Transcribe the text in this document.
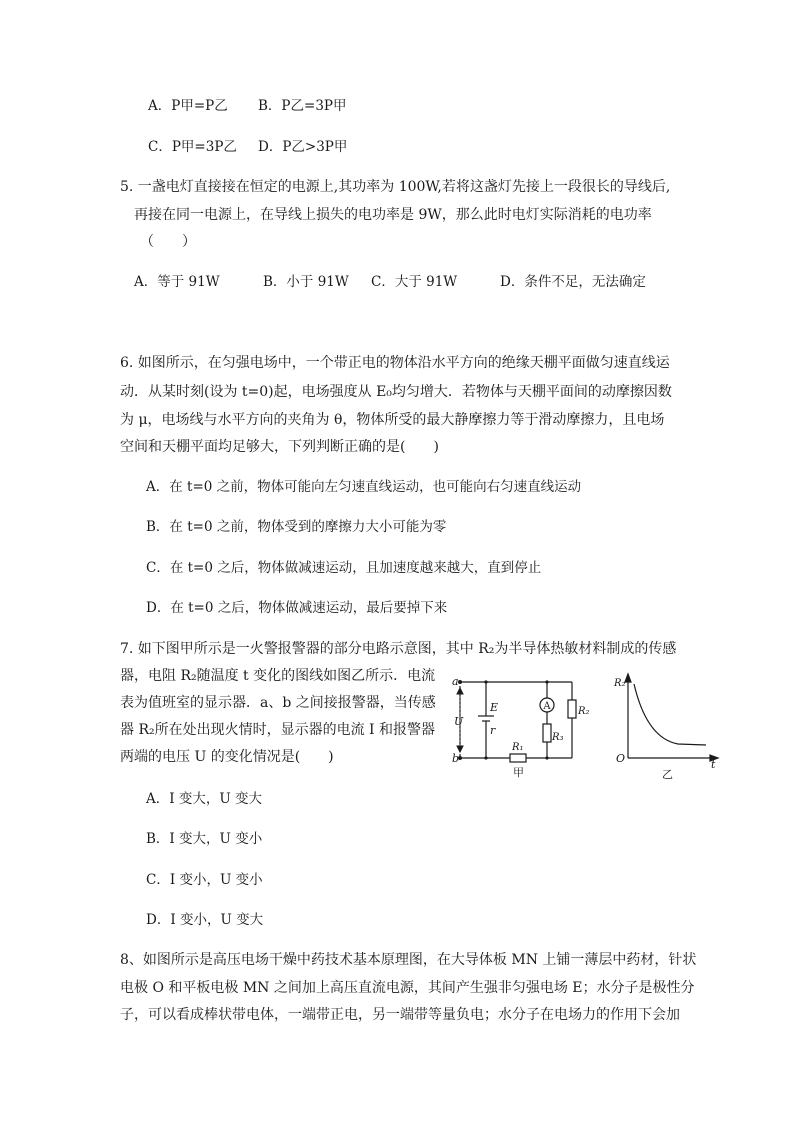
A．P甲=P乙 B．P乙=3P甲
C．P甲=3P乙 D．P乙>3P甲
5. 一盏电灯直接接在恒定的电源上,其功率为 100W,若将这盏灯先接上一段很长的导线后,
再接在同一电源上，在导线上损失的电功率是 9W，那么此时电灯实际消耗的电功率
（　　）
A．等于 91W	B．小于 91W C．大于 91W	D．条件不足，无法确定
6. 如图所示，在匀强电场中，一个带正电的物体沿水平方向的绝缘天棚平面做匀速直线运
动．从某时刻(设为 t=0)起，电场强度从 E₀均匀增大．若物体与天棚平面间的动摩擦因数
为 μ，电场线与水平方向的夹角为 θ，物体所受的最大静摩擦力等于滑动摩擦力，且电场
空间和天棚平面均足够大，下列判断正确的是(　　)
A．在 t=0 之前，物体可能向左匀速直线运动，也可能向右匀速直线运动
B．在 t=0 之前，物体受到的摩擦力大小可能为零
C．在 t=0 之后，物体做减速运动，且加速度越来越大，直到停止
D．在 t=0 之后，物体做减速运动，最后要掉下来
7. 如下图甲所示是一火警报警器的部分电路示意图，其中 R₂为半导体热敏材料制成的传感
器，电阻 R₂随温度 t 变化的图线如图乙所示．电流
表为值班室的显示器．a、b 之间接报警器，当传感
器 R₂所在处出现火情时，显示器的电流 I 和报警器
两端的电压 U 的变化情况是(　　)
A
a
b
U
E
r
R₁
R₃
R₂
甲
R₂
O	t
乙
A．I 变大，U 变大
B．I 变大，U 变小
C．I 变小，U 变小
D．I 变小，U 变大
8、如图所示是高压电场干燥中药技术基本原理图，在大导体板 MN 上铺一薄层中药材，针状
电极 O 和平板电极 MN 之间加上高压直流电源，其间产生强非匀强电场 E；水分子是极性分
子，可以看成棒状带电体，一端带正电，另一端带等量负电；水分子在电场力的作用下会加
